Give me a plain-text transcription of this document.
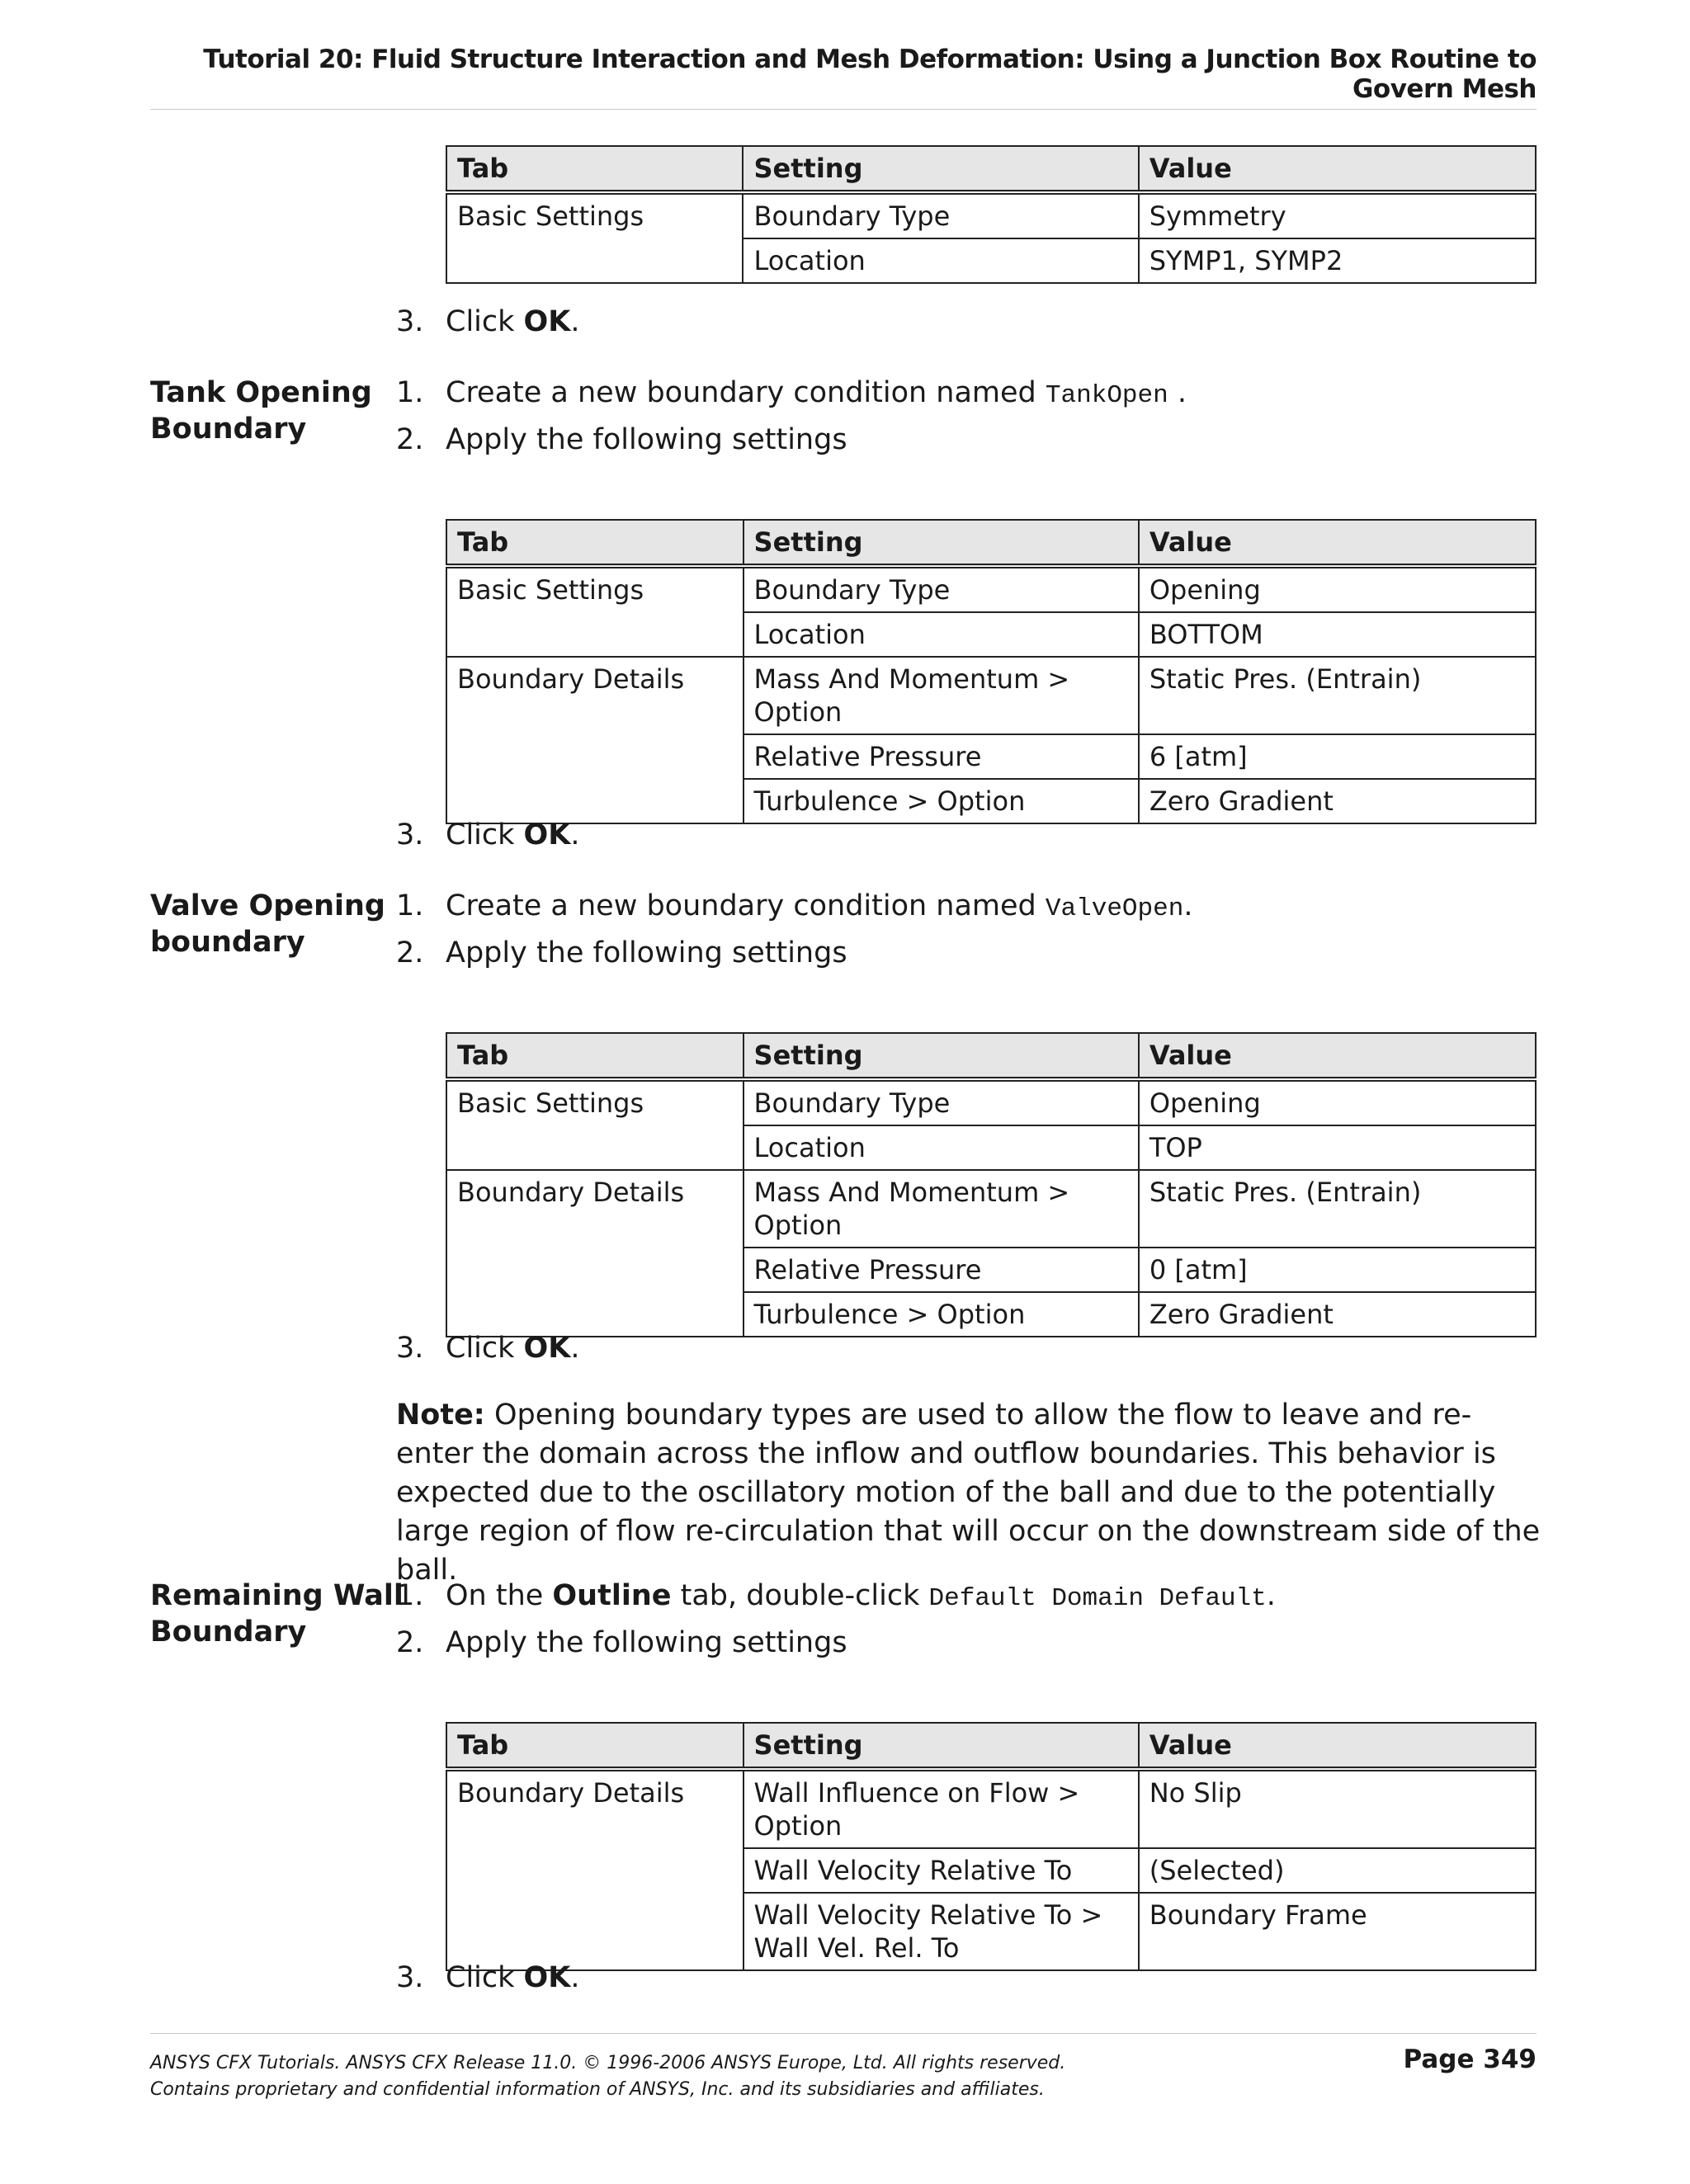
Tutorial 20: Fluid Structure Interaction and Mesh Deformation: Using a Junction Box Routine to Govern Mesh
Tab	Setting	Value
Basic Settings	Boundary Type	Symmetry
	Location	SYMP1, SYMP2
3. Click OK.
Tank Opening
Boundary
1. Create a new boundary condition named TankOpen .
2. Apply the following settings
Tab	Setting	Value
Basic Settings	Boundary Type	Opening
	Location	BOTTOM
Boundary Details	Mass And Momentum > Option	Static Pres. (Entrain)
	Relative Pressure	6 [atm]
	Turbulence > Option	Zero Gradient
3. Click OK.
Valve Opening
boundary
1. Create a new boundary condition named ValveOpen.
2. Apply the following settings
Tab	Setting	Value
Basic Settings	Boundary Type	Opening
	Location	TOP
Boundary Details	Mass And Momentum > Option	Static Pres. (Entrain)
	Relative Pressure	0 [atm]
	Turbulence > Option	Zero Gradient
3. Click OK.
Note: Opening boundary types are used to allow the flow to leave and re-enter the domain across the inflow and outflow boundaries. This behavior is expected due to the oscillatory motion of the ball and due to the potentially large region of flow re-circulation that will occur on the downstream side of the ball.
Remaining Wall
Boundary
1. On the Outline tab, double-click Default Domain Default.
2. Apply the following settings
Tab	Setting	Value
Boundary Details	Wall Influence on Flow > Option	No Slip
	Wall Velocity Relative To	(Selected)
	Wall Velocity Relative To > Wall Vel. Rel. To	Boundary Frame
3. Click OK.
ANSYS CFX Tutorials. ANSYS CFX Release 11.0. © 1996-2006 ANSYS Europe, Ltd. All rights reserved.
Contains proprietary and confidential information of ANSYS, Inc. and its subsidiaries and affiliates.
Page 349
